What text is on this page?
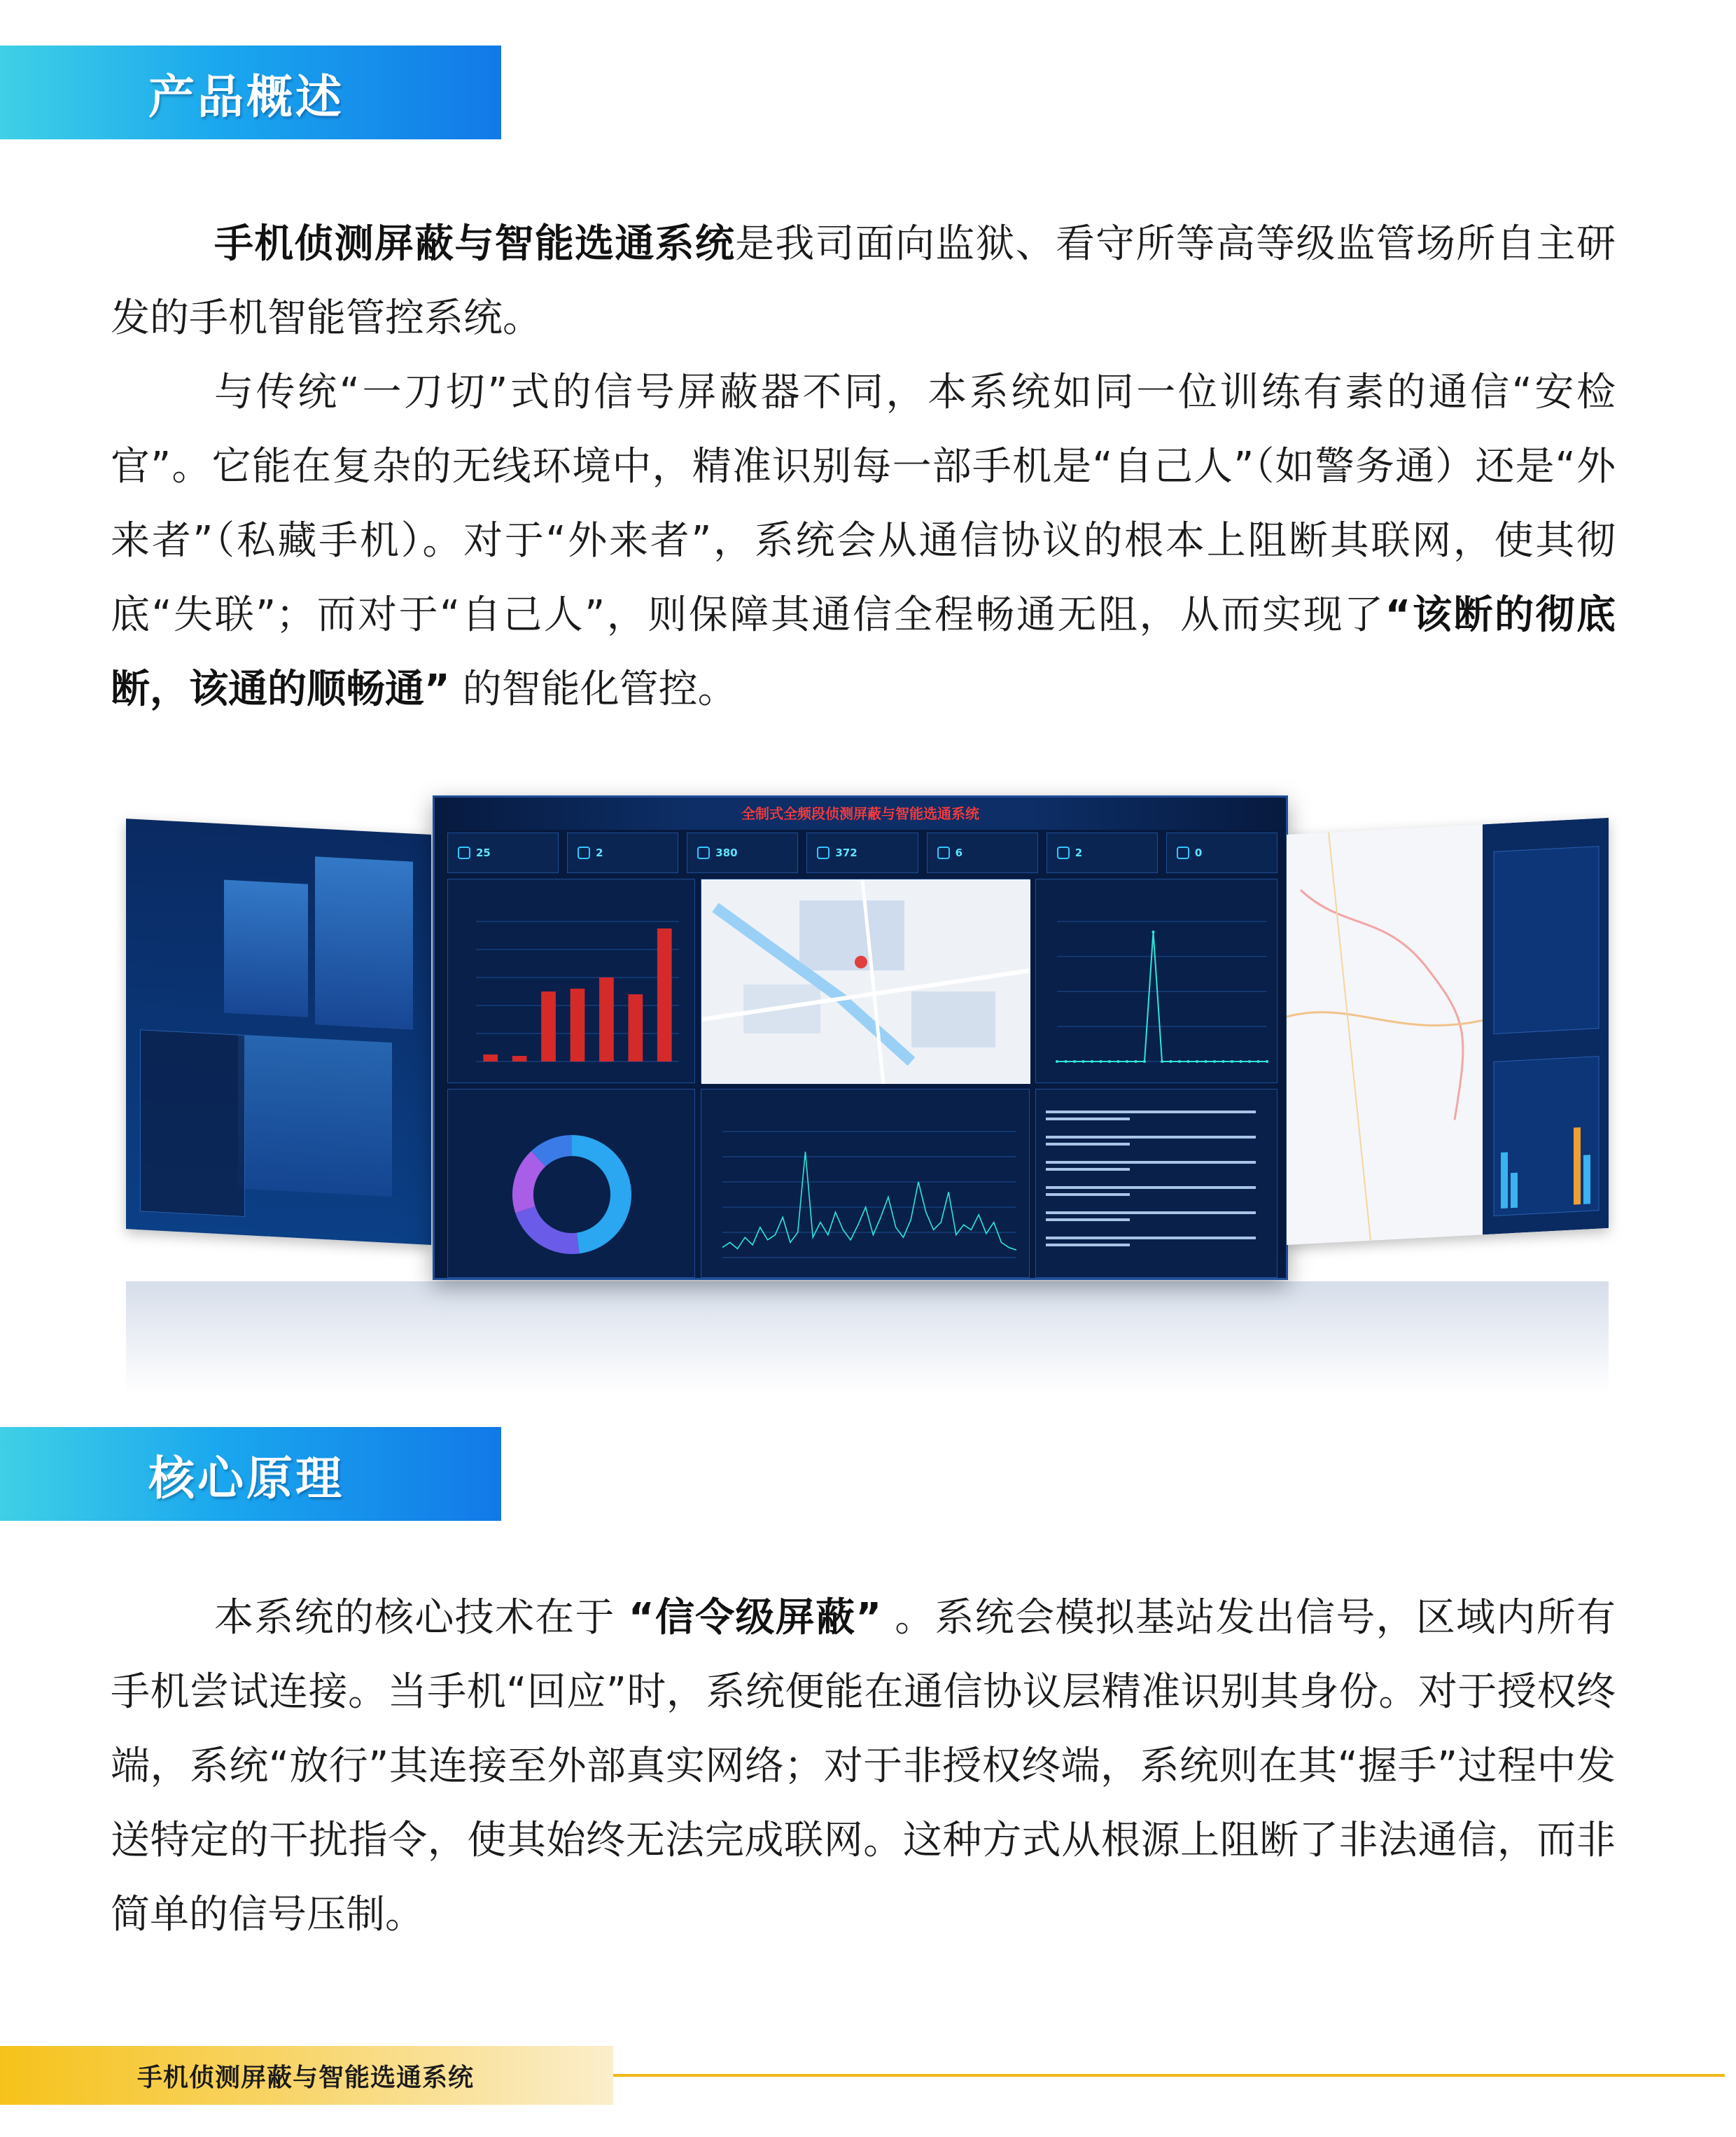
产品概述

手机侦测屏蔽与智能选通系统是我司面向监狱、看守所等高等级监管场所自主研发的手机智能管控系统。

与传统“一刀切”式的信号屏蔽器不同，本系统如同一位训练有素的通信“安检官”。它能在复杂的无线环境中，精准识别每一部手机是“自己人”（如警务通）还是“外来者”（私藏手机）。对于“外来者”，系统会从通信协议的根本上阻断其联网，使其彻底“失联”；而对于“自己人”，则保障其通信全程畅通无阻，从而实现了“该断的彻底断，该通的顺畅通” 的智能化管控。

全制式全频段侦测屏蔽与智能选通系统
25	2	380	372	6	2	0
核心原理

本系统的核心技术在于 “信令级屏蔽” 。系统会模拟基站发出信号，区域内所有手机尝试连接。当手机“回应”时，系统便能在通信协议层精准识别其身份。对于授权终端，系统“放行”其连接至外部真实网络；对于非授权终端，系统则在其“握手”过程中发送特定的干扰指令，使其始终无法完成联网。这种方式从根源上阻断了非法通信，而非简单的信号压制。

手机侦测屏蔽与智能选通系统
